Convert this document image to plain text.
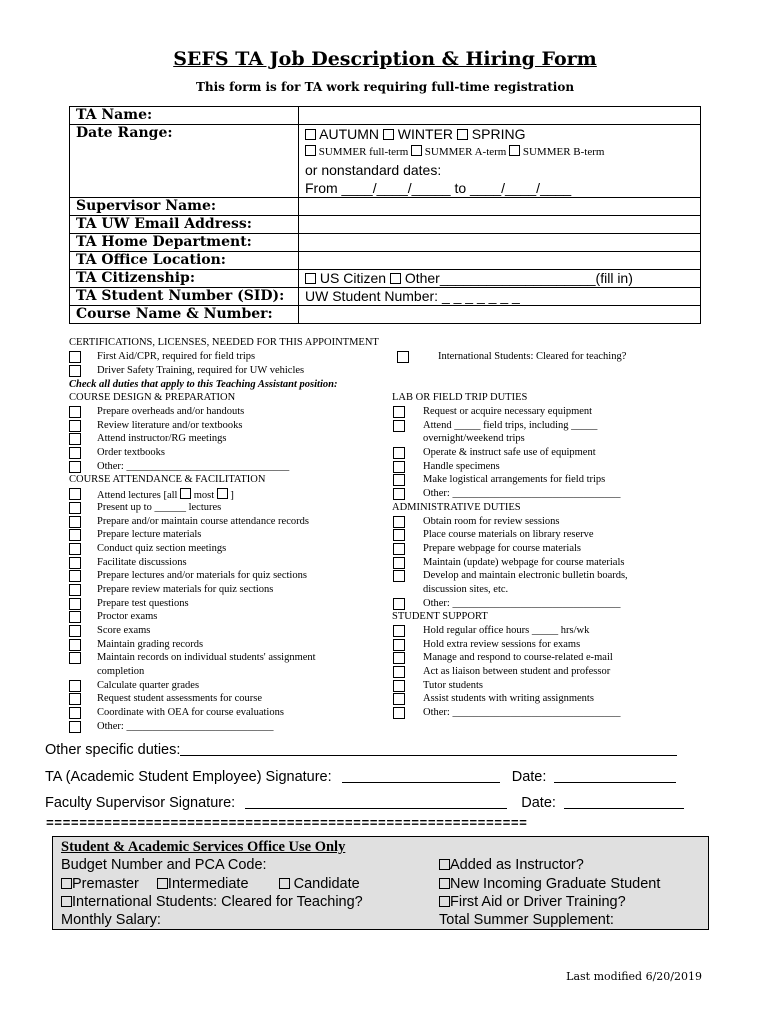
SEFS TA Job Description & Hiring Form
This form is for TA work requiring full-time registration
TA Name:	
Date Range:	AUTUMN WINTER SPRING
SUMMER full-term SUMMER A-term SUMMER B-term
or nonstandard dates:
From ____/____/_____ to ____/____/____

Supervisor Name:	
TA UW Email Address:	
TA Home Department:	
TA Office Location:	
TA Citizenship:	US Citizen Other____________________(fill in)
TA Student Number (SID):	UW Student Number: _ _ _ _ _ _ _
Course Name & Number:	
CERTIFICATIONS, LICENSES, NEEDED FOR THIS APPOINTMENT
First Aid/CPR, required for field trips	International Students: Cleared for teaching?
Driver Safety Training, required for UW vehicles
Check all duties that apply to this Teaching Assistant position:
COURSE DESIGN & PREPARATION
Prepare overheads and/or handouts
Review literature and/or textbooks
Attend instructor/RG meetings
Order textbooks
Other: _______________________________
COURSE ATTENDANCE & FACILITATION
Attend lectures [all most ]
Present up to ______ lectures
Prepare and/or maintain course attendance records
Prepare lecture materials
Conduct quiz section meetings
Facilitate discussions
Prepare lectures and/or materials for quiz sections
Prepare review materials for quiz sections
Prepare test questions
Proctor exams
Score exams
Maintain grading records
Maintain records on individual students' assignment
completion
Calculate quarter grades
Request student assessments for course
Coordinate with OEA for course evaluations
Other: ____________________________
LAB OR FIELD TRIP DUTIES
Request or acquire necessary equipment
Attend _____ field trips, including _____
overnight/weekend trips
Operate & instruct safe use of equipment
Handle specimens
Make logistical arrangements for field trips
Other: ________________________________
ADMINISTRATIVE DUTIES
Obtain room for review sessions
Place course materials on library reserve
Prepare webpage for course materials
Maintain (update) webpage for course materials
Develop and maintain electronic bulletin boards,
discussion sites, etc.
Other: ________________________________
STUDENT SUPPORT
Hold regular office hours _____ hrs/wk
Hold extra review sessions for exams
Manage and respond to course-related e-mail
Act as liaison between student and professor
Tutor students
Assist students with writing assignments
Other: ________________________________
Other specific duties:
TA (Academic Student Employee) Signature:	Date:
Faculty Supervisor Signature:	Date:
==========================================================
Student & Academic Services Office Use Only
Budget Number and PCA Code:
Premaster Intermediate	Candidate
International Students: Cleared for Teaching?
Monthly Salary:
Added as Instructor?
New Incoming Graduate Student
First Aid or Driver Training?
Total Summer Supplement:
Last modified 6/20/2019
